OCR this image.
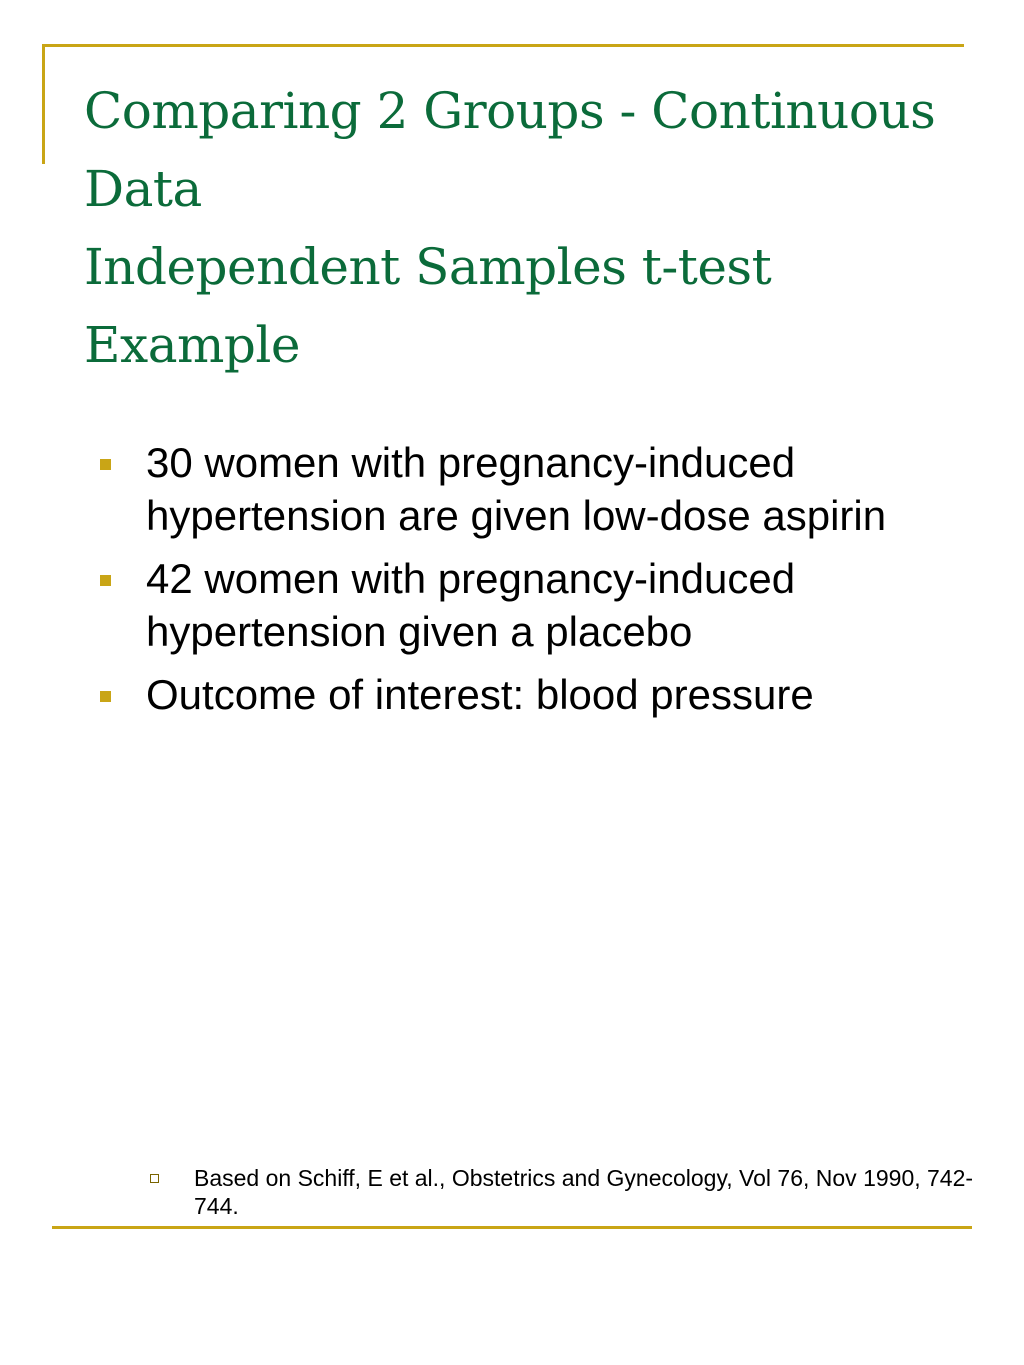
Comparing 2 Groups - Continuous
Data
Independent Samples t-test
Example
30 women with pregnancy-induced hypertension are given low-dose aspirin
42 women with pregnancy-induced hypertension given a placebo
Outcome of interest: blood pressure

Based on Schiff, E et al., Obstetrics and Gynecology, Vol 76, Nov 1990, 742-744.
